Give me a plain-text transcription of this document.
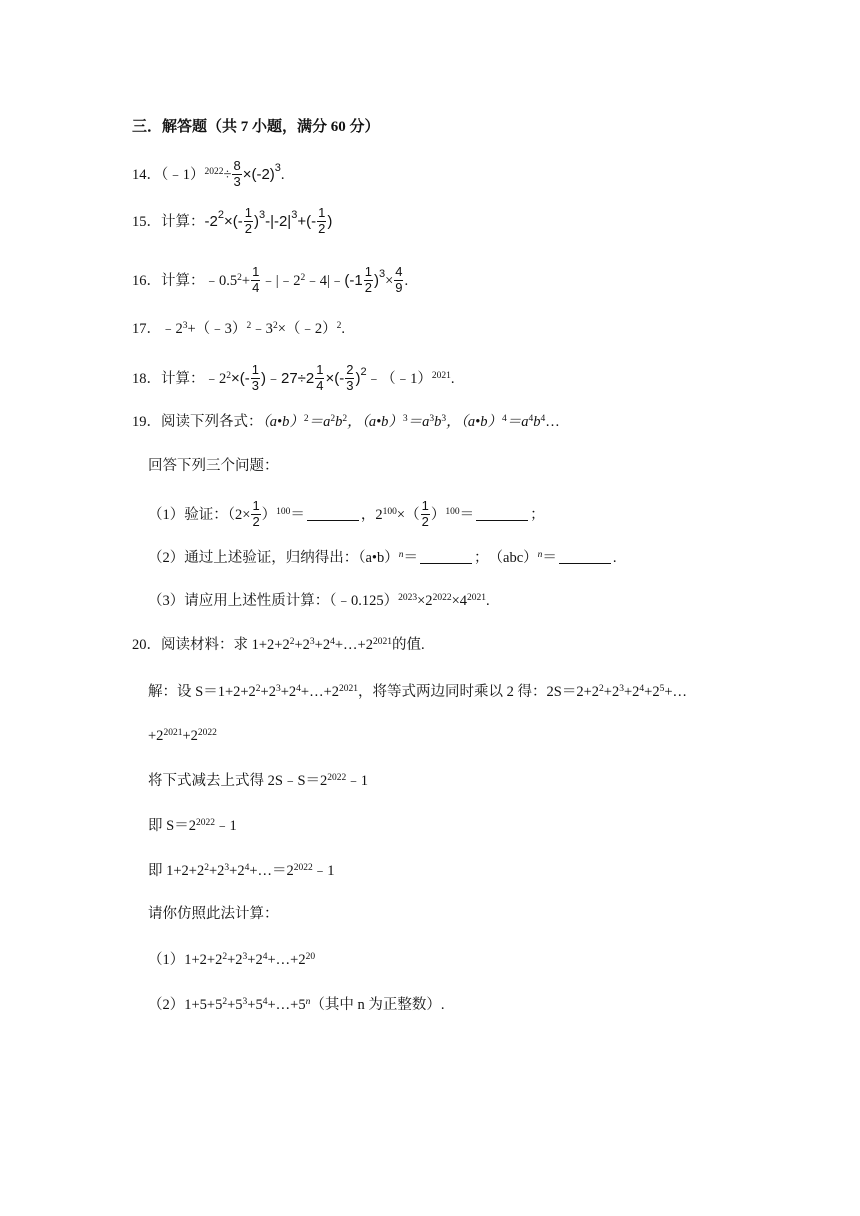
三．解答题（共 7 小题，满分 60 分）
14．（﹣1）$^{2022}$÷ $\frac{8}{3} \times(-2)^3$.
15．计算：$-2^2\times(- \frac{1}{2} )^3-|-2|^3+(- \frac{1}{2}$ )
16．计算：$﹣0.5^2+ \frac{1}{4}$ $﹣|﹣2^2﹣4|﹣(-1 \frac{1}{2} )^3\times \frac{4}{9}$ .
17．$﹣2^3+(﹣3)^2﹣3^2\times(﹣2)^2$.
18．计算：$﹣2^2\times(- \frac{1}{3}$ )﹣27÷2 $\frac{1}{4}$ ×(- $\frac{2}{3}$ )$^2$﹣（﹣1）$^{2021}$.
19．阅读下列各式：$(a•b)^2=a^2b^2$，$(a•b)^3=a^3b^3$，$(a•b)^4=a^4b^4\dots$
回答下列三个问题：
（1）验证：$(2\times \frac{1}{2} )^{100}=$	，$2^{100}\times( \frac{1}{2} )^{100}=$	；
（2）通过上述验证，归纳得出：（a•b）$^n$＝	；　（abc）$^n$＝	.
（3）请应用上述性质计算：$(﹣0.125)^{2023}\times 2^{2022}\times 4^{2021}$.
20．阅读材料：求 $1+2+2^2+2^3+2^4+\dots+2^{2021}$的值.
解：设 $S=1+2+2^2+2^3+2^4+\dots+2^{2021}$，将等式两边同时乘以 2 得：$2S=2+2^2+2^3+2^4+2^5+\dots$
$+2^{2021}+2^{2022}$
将下式减去上式得 $2S﹣S=2^{2022}﹣1$
即 $S=2^{2022}﹣1$
即 $1+2+2^2+2^3+2^4+\dots=2^{2022}﹣1$
请你仿照此法计算：
$(1)1+2+2^2+2^3+2^4+\dots+2^{20}$
$(2)1+5+5^2+5^3+5^4+\dots+5^n$（其中 n 为正整数）.
